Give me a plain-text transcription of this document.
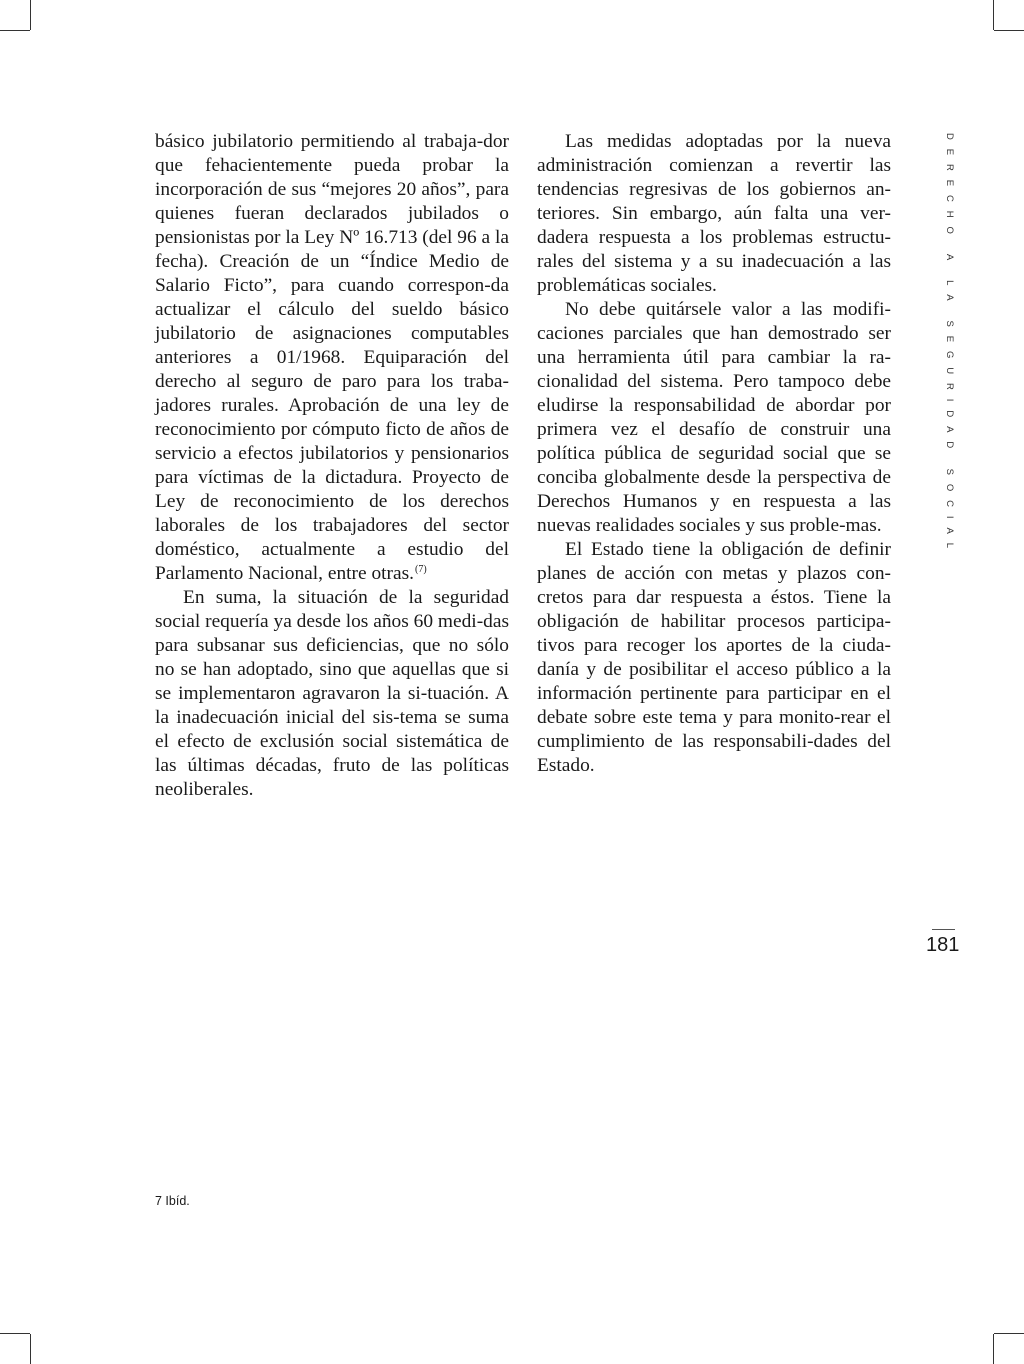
básico jubilatorio permitiendo al trabaja-dor que fehacientemente pueda probar la incorporación de sus “mejores 20 años”, para quienes fueran declarados jubilados o pensionistas por la Ley Nº 16.713 (del 96 a la fecha). Creación de un “Índice Medio de Salario Ficto”, para cuando correspon-da actualizar el cálculo del sueldo básico jubilatorio de asignaciones computables anteriores a 01/1968. Equiparación del derecho al seguro de paro para los traba-jadores rurales. Aprobación de una ley de reconocimiento por cómputo ficto de años de servicio a efectos jubilatorios y pensionarios para víctimas de la dictadura. Proyecto de Ley de reconocimiento de los derechos laborales de los trabajadores del sector doméstico, actualmente a estudio del Parlamento Nacional, entre otras.$^{(7)}$

En suma, la situación de la seguridad social requería ya desde los años 60 medi-das para subsanar sus deficiencias, que no sólo no se han adoptado, sino que aquellas que si se implementaron agravaron la si-tuación. A la inadecuación inicial del sis-tema se suma el efecto de exclusión social sistemática de las últimas décadas, fruto de las políticas neoliberales.

Las medidas adoptadas por la nueva administración comienzan a revertir las tendencias regresivas de los gobiernos an-teriores. Sin embargo, aún falta una ver-dadera respuesta a los problemas estructu-rales del sistema y a su inadecuación a las problemáticas sociales.

No debe quitársele valor a las modifi-caciones parciales que han demostrado ser una herramienta útil para cambiar la ra-cionalidad del sistema. Pero tampoco debe eludirse la responsabilidad de abordar por primera vez el desafío de construir una política pública de seguridad social que se conciba globalmente desde la perspectiva de Derechos Humanos y en respuesta a las nuevas realidades sociales y sus proble-mas.

El Estado tiene la obligación de definir planes de acción con metas y plazos con-cretos para dar respuesta a éstos. Tiene la obligación de habilitar procesos participa-tivos para recoger los aportes de la ciuda-danía y de posibilitar el acceso público a la información pertinente para participar en el debate sobre este tema y para monito-rear el cumplimiento de las responsabili-dades del Estado.

DERECHO A LA SEGURIDAD SOCIAL
181
7 Ibíd.
